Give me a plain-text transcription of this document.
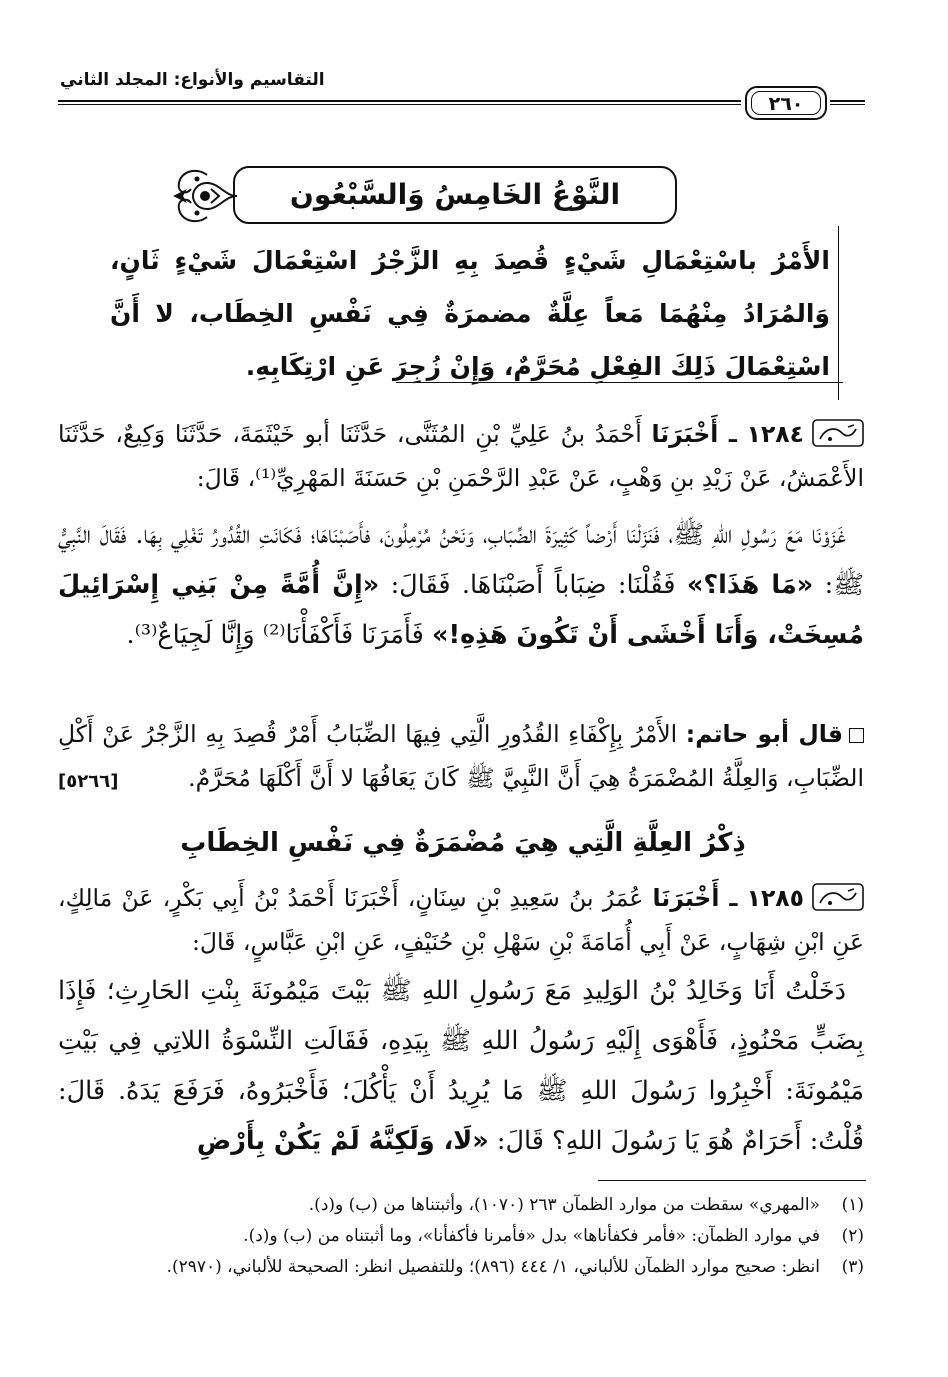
التقاسيم والأنواع: المجلد الثاني
٢٦٠
النَّوْعُ الخَامِسُ وَالسَّبْعُون
الأَمْرُ باسْتِعْمَالِ شَيْءٍ قُصِدَ بِهِ الزَّجْرُ اسْتِعْمَالَ شَيْءٍ ثَانٍ، وَالمُرَادُ مِنْهُمَا مَعاً عِلَّةٌ مضمرَةٌ فِي نَفْسِ الخِطَاب، لا أَنَّ اسْتِعْمَالَ ذَلِكَ الفِعْلِ مُحَرَّمٌ، وَإِنْ زُجِرَ عَنِ ارْتِكَابِهِ.
١٢٨٤ ـ أَخْبَرَنَا أَحْمَدُ بنُ عَلِيِّ بْنِ المُثَنَّى، حَدَّثَنَا أبو خَيْثَمَةَ، حَدَّثَنَا وَكِيعٌ، حَدَّثَنَا الأَعْمَشُ، عَنْ زَيْدِ بنِ وَهْبٍ، عَنْ عَبْدِ الرَّحْمَنِ بْنِ حَسَنَةَ المَهْرِيِّ⁽¹⁾، قَالَ:
غَزَوْنَا مَعَ رَسُولِ اللهِ ﷺ، فَنَزَلْنَا أَرْضاً كَثِيرَةَ الضِّبَابِ، وَنَحْنُ مُرْمِلُونَ، فأَصَبْنَاهَا؛ فَكَانَتِ القُدُورُ تَغْلِي بِهَا. فَقَالَ النَّبِيُّ ﷺ: «مَا هَذَا؟» فَقُلْنَا: ضِبَاباً أَصَبْنَاهَا. فَقَالَ: «إِنَّ أُمَّةً مِنْ بَنِي إِسْرَائِيلَ مُسِخَتْ، وَأَنَا أَخْشَى أَنْ تَكُونَ هَذِهِ!» فَأَمَرَنَا فَأَكْفَأْنَا⁽²⁾ وَإِنَّا لَجِيَاعٌ⁽³⁾.
قال أبو حاتم: الأَمْرُ بِإِكْفَاءِ القُدُورِ الَّتِي فِيهَا الضِّبَابُ أَمْرٌ قُصِدَ بِهِ الزَّجْرُ عَنْ أَكْلِ الضِّبَابِ، وَالعِلَّةُ المُضْمَرَةُ هِيَ أَنَّ النَّبِيَّ ﷺ كَانَ يَعَافُهَا لا أَنَّ أَكْلَهَا مُحَرَّمٌ.
[٥٢٦٦]
ذِكْرُ العِلَّةِ الَّتِي هِيَ مُضْمَرَةٌ فِي نَفْسِ الخِطَابِ
١٢٨٥ ـ أَخْبَرَنَا عُمَرُ بنُ سَعِيدِ بْنِ سِنَانٍ، أَخْبَرَنَا أَحْمَدُ بْنُ أَبِي بَكْرٍ، عَنْ مَالِكٍ، عَنِ ابْنِ شِهَابٍ، عَنْ أَبِي أُمَامَةَ بْنِ سَهْلِ بْنِ حُنَيْفٍ، عَنِ ابْنِ عَبَّاسٍ، قَالَ:
دَخَلْتُ أَنَا وَخَالِدُ بْنُ الوَلِيدِ مَعَ رَسُولِ اللهِ ﷺ بَيْتَ مَيْمُونَةَ بِنْتِ الحَارِثِ؛ فَإِذَا بِضَبٍّ مَحْنُوذٍ، فَأَهْوَى إِلَيْهِ رَسُولُ اللهِ ﷺ بِيَدِهِ، فَقَالَتِ النِّسْوَةُ اللاتِي فِي بَيْتِ مَيْمُونَةَ: أَخْبِرُوا رَسُولَ اللهِ ﷺ مَا يُرِيدُ أَنْ يَأْكُلَ؛ فَأَخْبَرُوهُ، فَرَفَعَ يَدَهُ. قَالَ: قُلْتُ: أَحَرَامٌ هُوَ يَا رَسُولَ اللهِ؟ قَالَ: «لَا، وَلَكِنَّهُ لَمْ يَكُنْ بِأَرْضِ
(١)
«المهري» سقطت من موارد الظمآن ٢٦٣ (١٠٧٠)، وأثبتناها من (ب) و(د).
(٢)
في موارد الظمآن: «فأمر فكفأناها» بدل «فأمرنا فأكفأنا»، وما أثبتناه من (ب) و(د).
(٣)
انظر: صحيح موارد الظمآن للألباني، ١/ ٤٤٤ (٨٩٦)؛ وللتفصيل انظر: الصحيحة للألباني، (٢٩٧٠).
